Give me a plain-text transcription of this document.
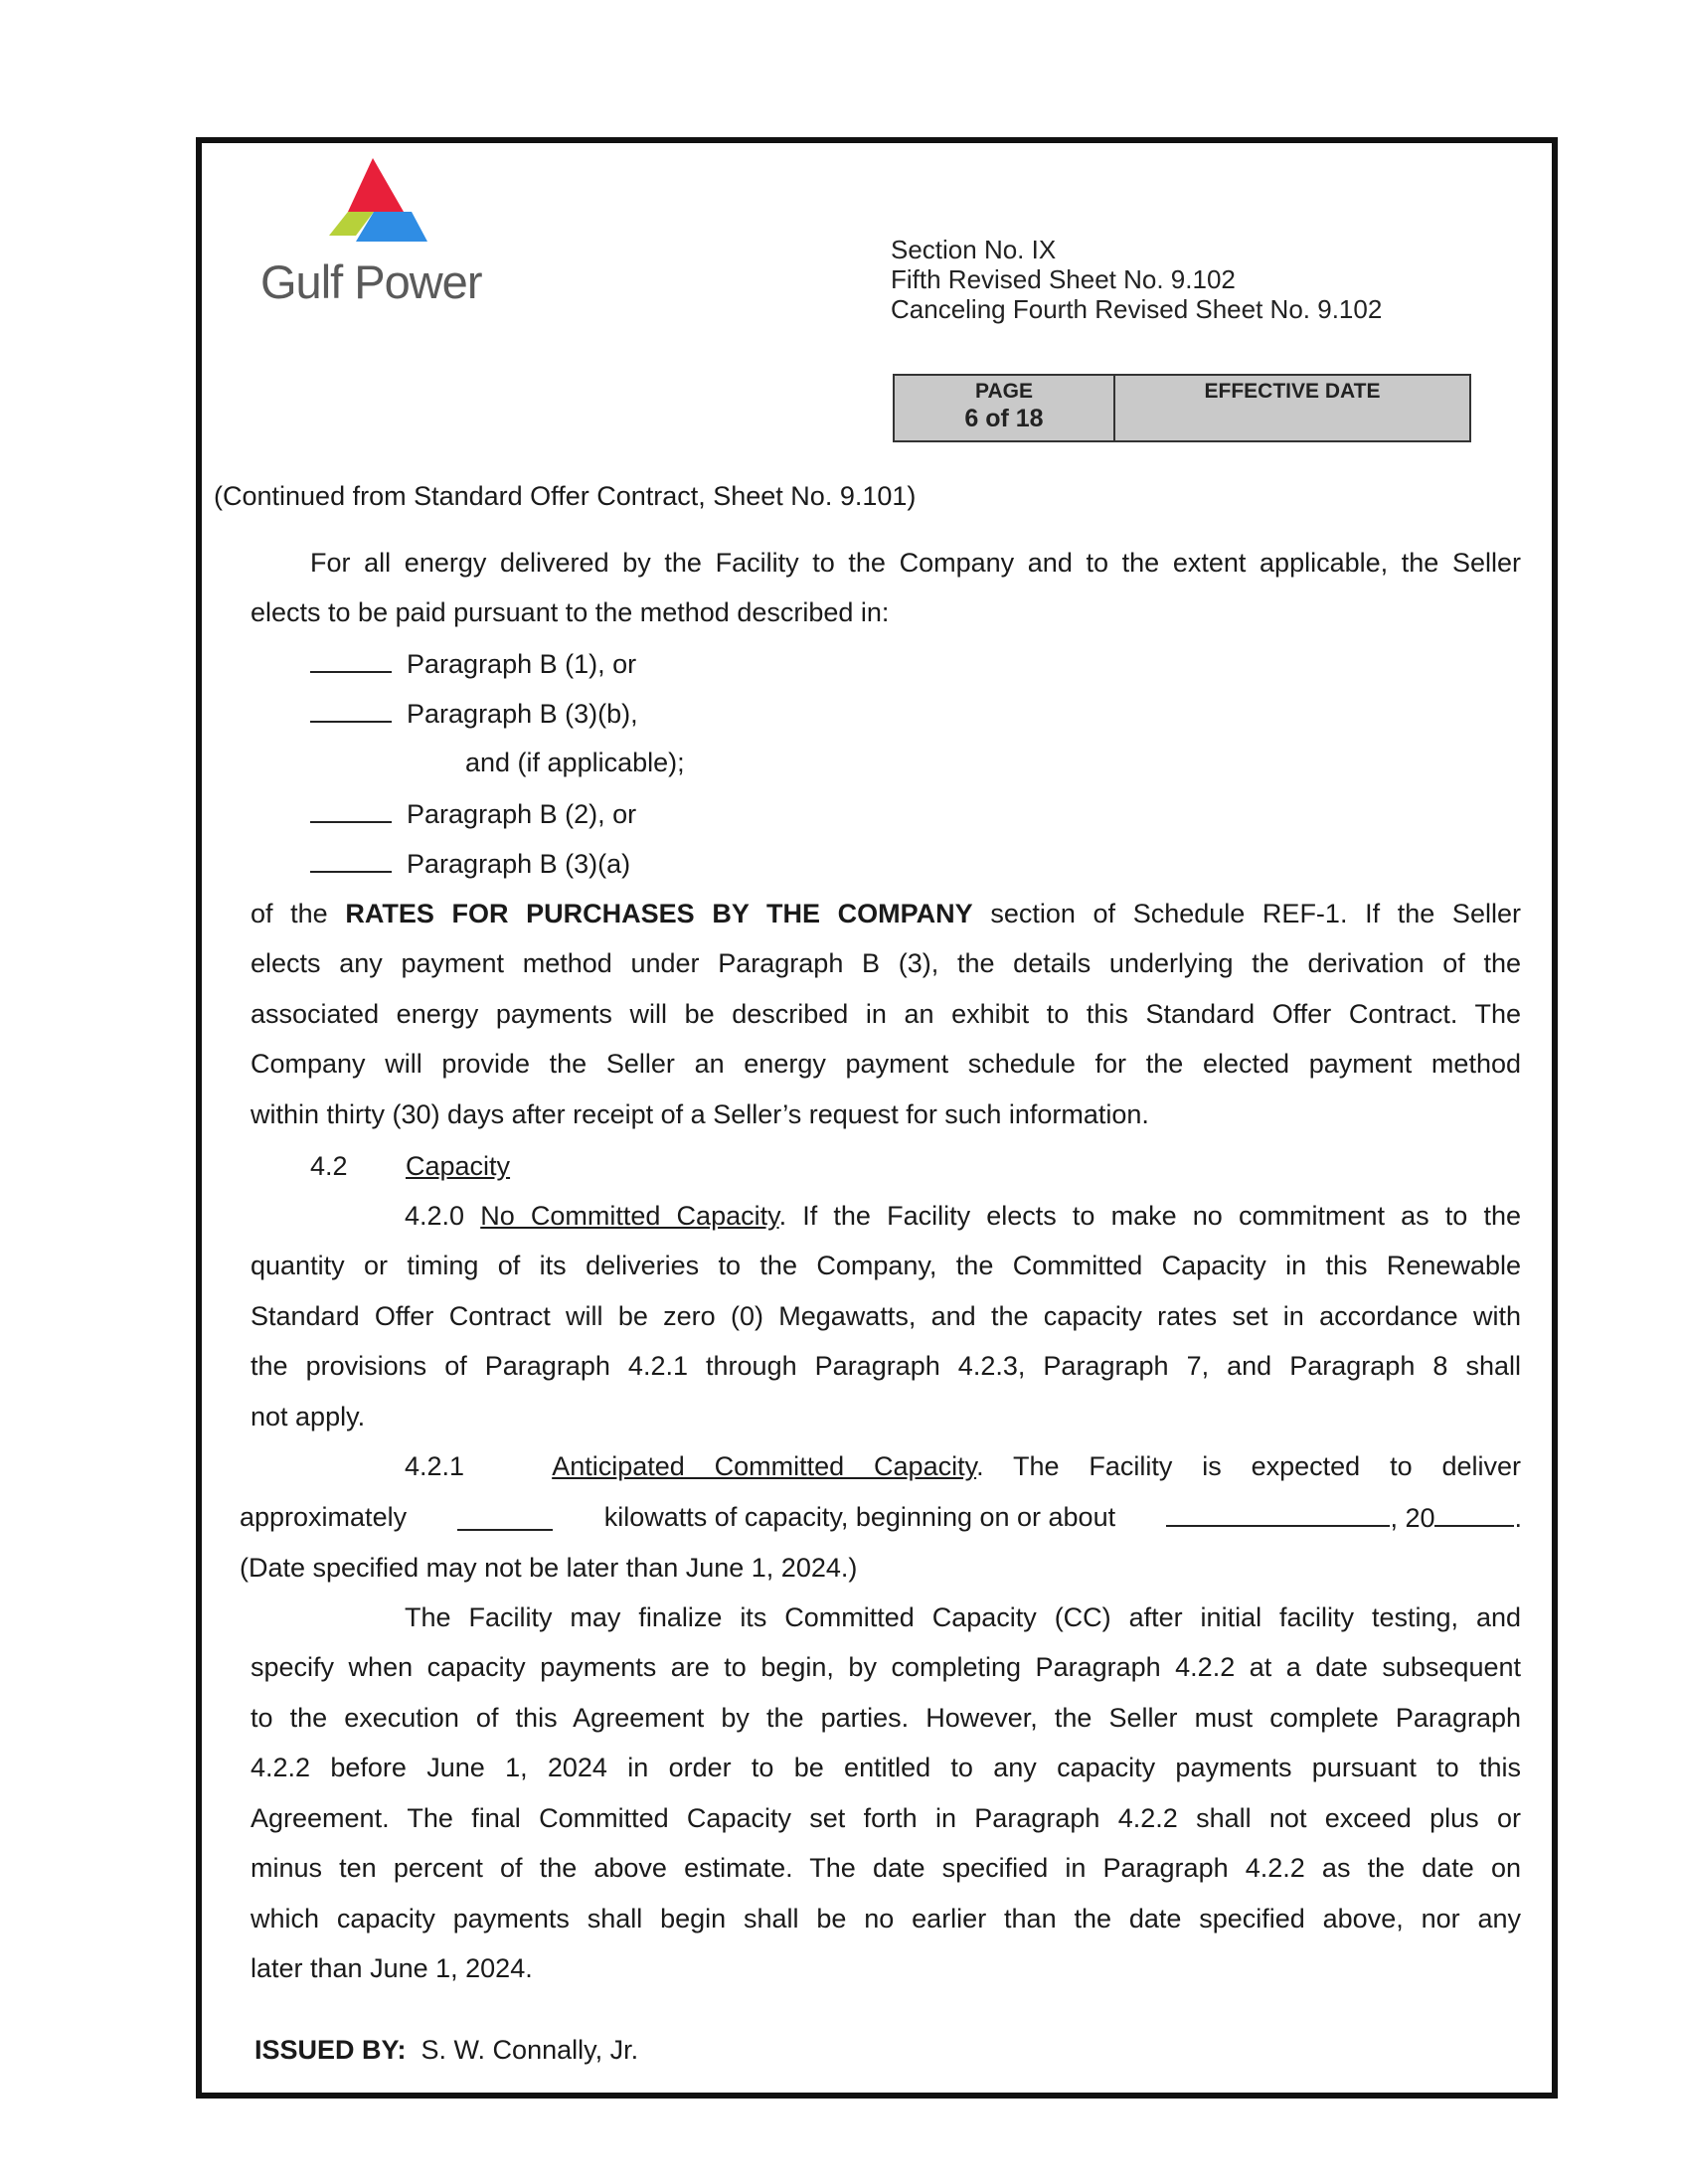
Gulf Power
Section No. IX
Fifth Revised Sheet No. 9.102
Canceling Fourth Revised Sheet No. 9.102
PAGE
6 of 18
EFFECTIVE DATE
(Continued from Standard Offer Contract, Sheet No. 9.101)
For all energy delivered by the Facility to the Company and to the extent applicable, the Seller
elects to be paid pursuant to the method described in:
Paragraph B (1), or
Paragraph B (3)(b),
and (if applicable);
Paragraph B (2), or
Paragraph B (3)(a)
of the RATES FOR PURCHASES BY THE COMPANY section of Schedule REF-1. If the Seller
elects any payment method under Paragraph B (3), the details underlying the derivation of the
associated energy payments will be described in an exhibit to this Standard Offer Contract. The
Company will provide the Seller an energy payment schedule for the elected payment method
within thirty (30) days after receipt of a Seller’s request for such information.
4.2 Capacity
4.2.0 No Committed Capacity. If the Facility elects to make no commitment as to the
quantity or timing of its deliveries to the Company, the Committed Capacity in this Renewable
Standard Offer Contract will be zero (0) Megawatts, and the capacity rates set in accordance with
the provisions of Paragraph 4.2.1 through Paragraph 4.2.3, Paragraph 7, and Paragraph 8 shall
not apply.
4.2.1	Anticipated Committed Capacity. The Facility is expected to deliver
approximately	kilowatts of capacity, beginning on or about	, 20	.
(Date specified may not be later than June 1, 2024.)
The Facility may finalize its Committed Capacity (CC) after initial facility testing, and
specify when capacity payments are to begin, by completing Paragraph 4.2.2 at a date subsequent
to the execution of this Agreement by the parties. However, the Seller must complete Paragraph
4.2.2 before June 1, 2024 in order to be entitled to any capacity payments pursuant to this
Agreement. The final Committed Capacity set forth in Paragraph 4.2.2 shall not exceed plus or
minus ten percent of the above estimate. The date specified in Paragraph 4.2.2 as the date on
which capacity payments shall begin shall be no earlier than the date specified above, nor any
later than June 1, 2024.
ISSUED BY: S. W. Connally, Jr.
